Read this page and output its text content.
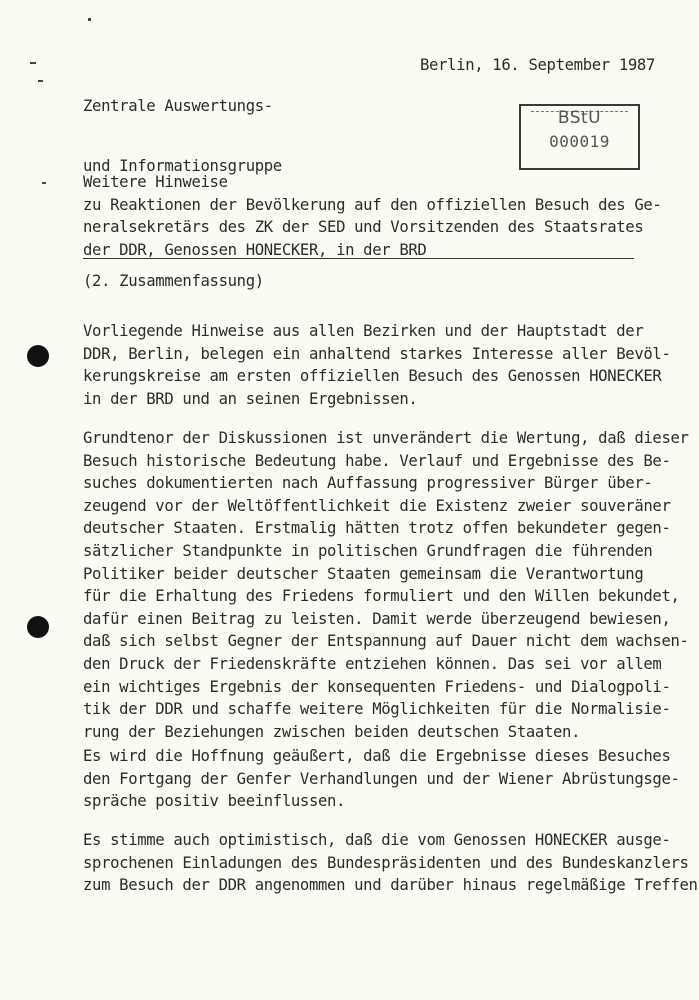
Zentrale Auswertungs-

und Informationsgruppe

Berlin, 16. September 1987
BStU
000019
Weitere Hinweise
zu Reaktionen der Bevölkerung auf den offiziellen Besuch des Ge-
neralsekretärs des ZK der SED und Vorsitzenden des Staatsrates
der DDR, Genossen HONECKER, in der BRD
(2. Zusammenfassung)
Vorliegende Hinweise aus allen Bezirken und der Hauptstadt der
DDR, Berlin, belegen ein anhaltend starkes Interesse aller Bevöl-
kerungskreise am ersten offiziellen Besuch des Genossen HONECKER
in der BRD und an seinen Ergebnissen.
Grundtenor der Diskussionen ist unverändert die Wertung, daß dieser
Besuch historische Bedeutung habe. Verlauf und Ergebnisse des Be-
suches dokumentierten nach Auffassung progressiver Bürger über-
zeugend vor der Weltöffentlichkeit die Existenz zweier souveräner
deutscher Staaten. Erstmalig hätten trotz offen bekundeter gegen-
sätzlicher Standpunkte in politischen Grundfragen die führenden
Politiker beider deutscher Staaten gemeinsam die Verantwortung
für die Erhaltung des Friedens formuliert und den Willen bekundet,
dafür einen Beitrag zu leisten. Damit werde überzeugend bewiesen,
daß sich selbst Gegner der Entspannung auf Dauer nicht dem wachsen-
den Druck der Friedenskräfte entziehen können. Das sei vor allem
ein wichtiges Ergebnis der konsequenten Friedens- und Dialogpoli-
tik der DDR und schaffe weitere Möglichkeiten für die Normalisie-
rung der Beziehungen zwischen beiden deutschen Staaten.
Es wird die Hoffnung geäußert, daß die Ergebnisse dieses Besuches
den Fortgang der Genfer Verhandlungen und der Wiener Abrüstungsge-
spräche positiv beeinflussen.
Es stimme auch optimistisch, daß die vom Genossen HONECKER ausge-
sprochenen Einladungen des Bundespräsidenten und des Bundeskanzlers
zum Besuch der DDR angenommen und darüber hinaus regelmäßige Treffen
